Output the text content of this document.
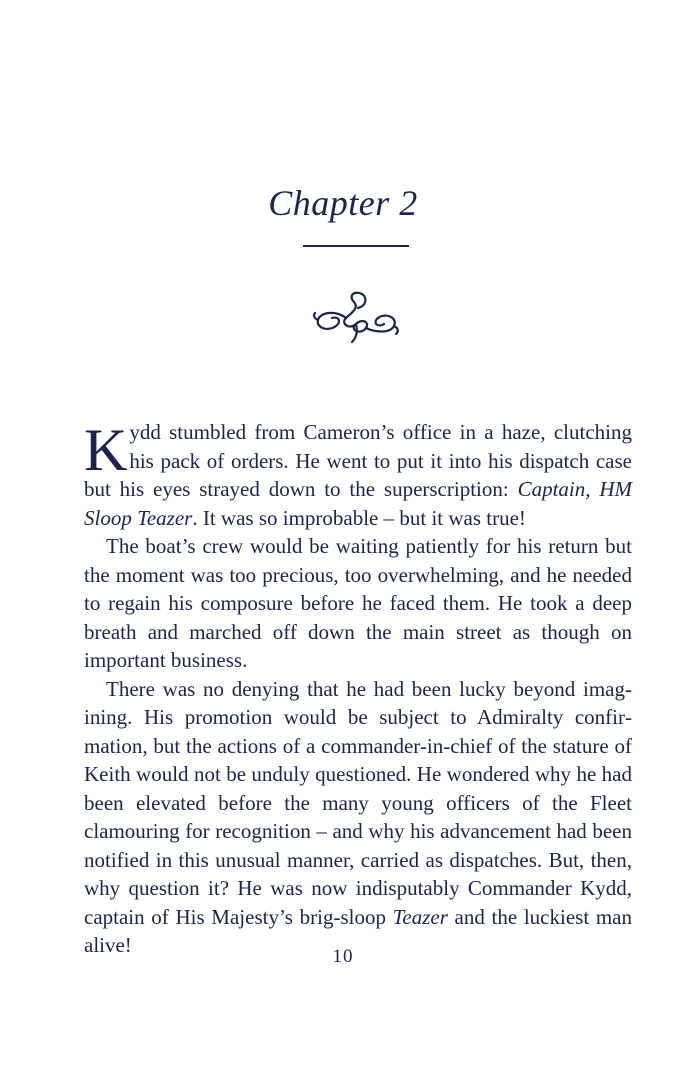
Chapter 2

Kydd stumbled from Cameron’s office in a haze, clutching his pack of orders. He went to put it into his dispatch case but his eyes strayed down to the superscription: Captain, HM Sloop Teazer. It was so improbable – but it was true!

The boat’s crew would be waiting patiently for his return but the moment was too precious, too overwhelming, and he needed to regain his composure before he faced them. He took a deep breath and marched off down the main street as though on important business.

There was no denying that he had been lucky beyond imagining. His promotion would be subject to Admiralty confirmation, but the actions of a commander-in-chief of the stature of Keith would not be unduly questioned. He wondered why he had been elevated before the many young officers of the Fleet clamouring for recognition – and why his advancement had been notified in this unusual manner, carried as dispatches. But, then, why question it? He was now indisputably Commander Kydd, captain of His Majesty’s brig-sloop Teazer and the luckiest man alive!	10
